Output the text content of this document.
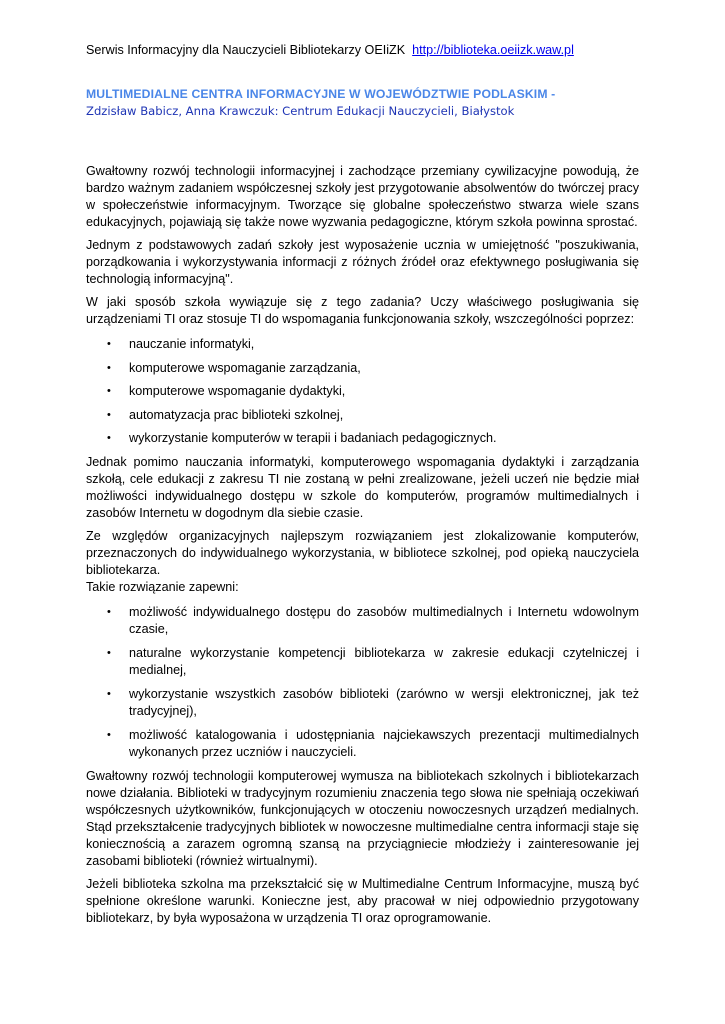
Serwis Informacyjny dla Nauczycieli Bibliotekarzy OEIiZK http://biblioteka.oeiizk.waw.pl
MULTIMEDIALNE CENTRA INFORMACYJNE W WOJEWÓDZTWIE PODLASKIM -
Zdzisław Babicz, Anna Krawczuk: Centrum Edukacji Nauczycieli, Białystok

Gwałtowny rozwój technologii informacyjnej i zachodzące przemiany cywilizacyjne powodują, że bardzo ważnym zadaniem współczesnej szkoły jest przygotowanie absolwentów do twórczej pracy w społeczeństwie informacyjnym. Tworzące się globalne społeczeństwo stwarza wiele szans edukacyjnych, pojawiają się także nowe wyzwania pedagogiczne, którym szkoła powinna sprostać.

Jednym z podstawowych zadań szkoły jest wyposażenie ucznia w umiejętność "poszukiwania, porządkowania i wykorzystywania informacji z różnych źródeł oraz efektywnego posługiwania się technologią informacyjną".

W jaki sposób szkoła wywiązuje się z tego zadania? Uczy właściwego posługiwania się urządzeniami TI oraz stosuje TI do wspomagania funkcjonowania szkoły, wszczególności poprzez:

• nauczanie informatyki,
• komputerowe wspomaganie zarządzania,
• komputerowe wspomaganie dydaktyki,
• automatyzacja prac biblioteki szkolnej,
• wykorzystanie komputerów w terapii i badaniach pedagogicznych.

Jednak pomimo nauczania informatyki, komputerowego wspomagania dydaktyki i zarządzania szkołą, cele edukacji z zakresu TI nie zostaną w pełni zrealizowane, jeżeli uczeń nie będzie miał możliwości indywidualnego dostępu w szkole do komputerów, programów multimedialnych i zasobów Internetu w dogodnym dla siebie czasie.

Ze względów organizacyjnych najlepszym rozwiązaniem jest zlokalizowanie komputerów, przeznaczonych do indywidualnego wykorzystania, w bibliotece szkolnej, pod opieką nauczyciela bibliotekarza.

Takie rozwiązanie zapewni:

• możliwość indywidualnego dostępu do zasobów multimedialnych i Internetu wdowolnym czasie,
• naturalne wykorzystanie kompetencji bibliotekarza w zakresie edukacji czytelniczej i medialnej,
• wykorzystanie wszystkich zasobów biblioteki (zarówno w wersji elektronicznej, jak też tradycyjnej),
• możliwość katalogowania i udostępniania najciekawszych prezentacji multimedialnych wykonanych przez uczniów i nauczycieli.

Gwałtowny rozwój technologii komputerowej wymusza na bibliotekach szkolnych i bibliotekarzach nowe działania. Biblioteki w tradycyjnym rozumieniu znaczenia tego słowa nie spełniają oczekiwań współczesnych użytkowników, funkcjonujących w otoczeniu nowoczesnych urządzeń medialnych. Stąd przekształcenie tradycyjnych bibliotek w nowoczesne multimedialne centra informacji staje się koniecznością a zarazem ogromną szansą na przyciągniecie młodzieży i zainteresowanie jej zasobami biblioteki (również wirtualnymi).

Jeżeli biblioteka szkolna ma przekształcić się w Multimedialne Centrum Informacyjne, muszą być spełnione określone warunki. Konieczne jest, aby pracował w niej odpowiednio przygotowany bibliotekarz, by była wyposażona w urządzenia TI oraz oprogramowanie.
